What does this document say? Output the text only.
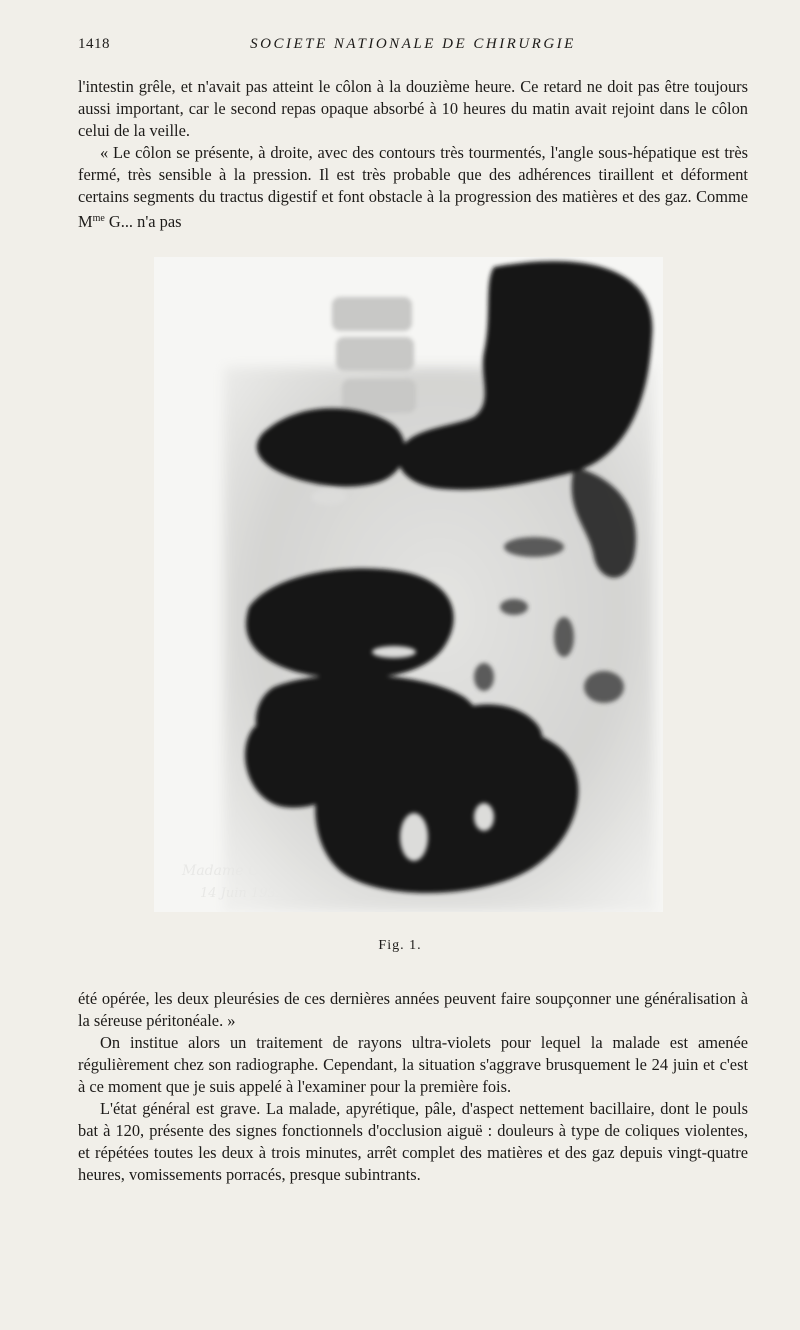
1418	SOCIETE NATIONALE DE CHIRURGIE

l'intestin grêle, et n'avait pas atteint le côlon à la douzième heure. Ce retard ne doit pas être toujours aussi important, car le second repas opaque absorbé à 10 heures du matin avait rejoint dans le côlon celui de la veille.

« Le côlon se présente, à droite, avec des contours très tourmentés, l'angle sous-hépatique est très fermé, très sensible à la pression. Il est très probable que des adhérences tiraillent et déforment certains segments du tractus digestif et font obstacle à la progression des matières et des gaz. Comme $M^{me}$ G... n'a pas

Madame G...
14 Juin 1932
Fig. 1.

été opérée, les deux pleurésies de ces dernières années peuvent faire soupçonner une généralisation à la séreuse péritonéale. »

On institue alors un traitement de rayons ultra-violets pour lequel la malade est amenée régulièrement chez son radiographe. Cependant, la situation s'aggrave brusquement le 24 juin et c'est à ce moment que je suis appelé à l'examiner pour la première fois.

L'état général est grave. La malade, apyrétique, pâle, d'aspect nettement bacillaire, dont le pouls bat à 120, présente des signes fonctionnels d'occlusion aiguë : douleurs à type de coliques violentes, et répétées toutes les deux à trois minutes, arrêt complet des matières et des gaz depuis vingt-quatre heures, vomissements porracés, presque subintrants.
